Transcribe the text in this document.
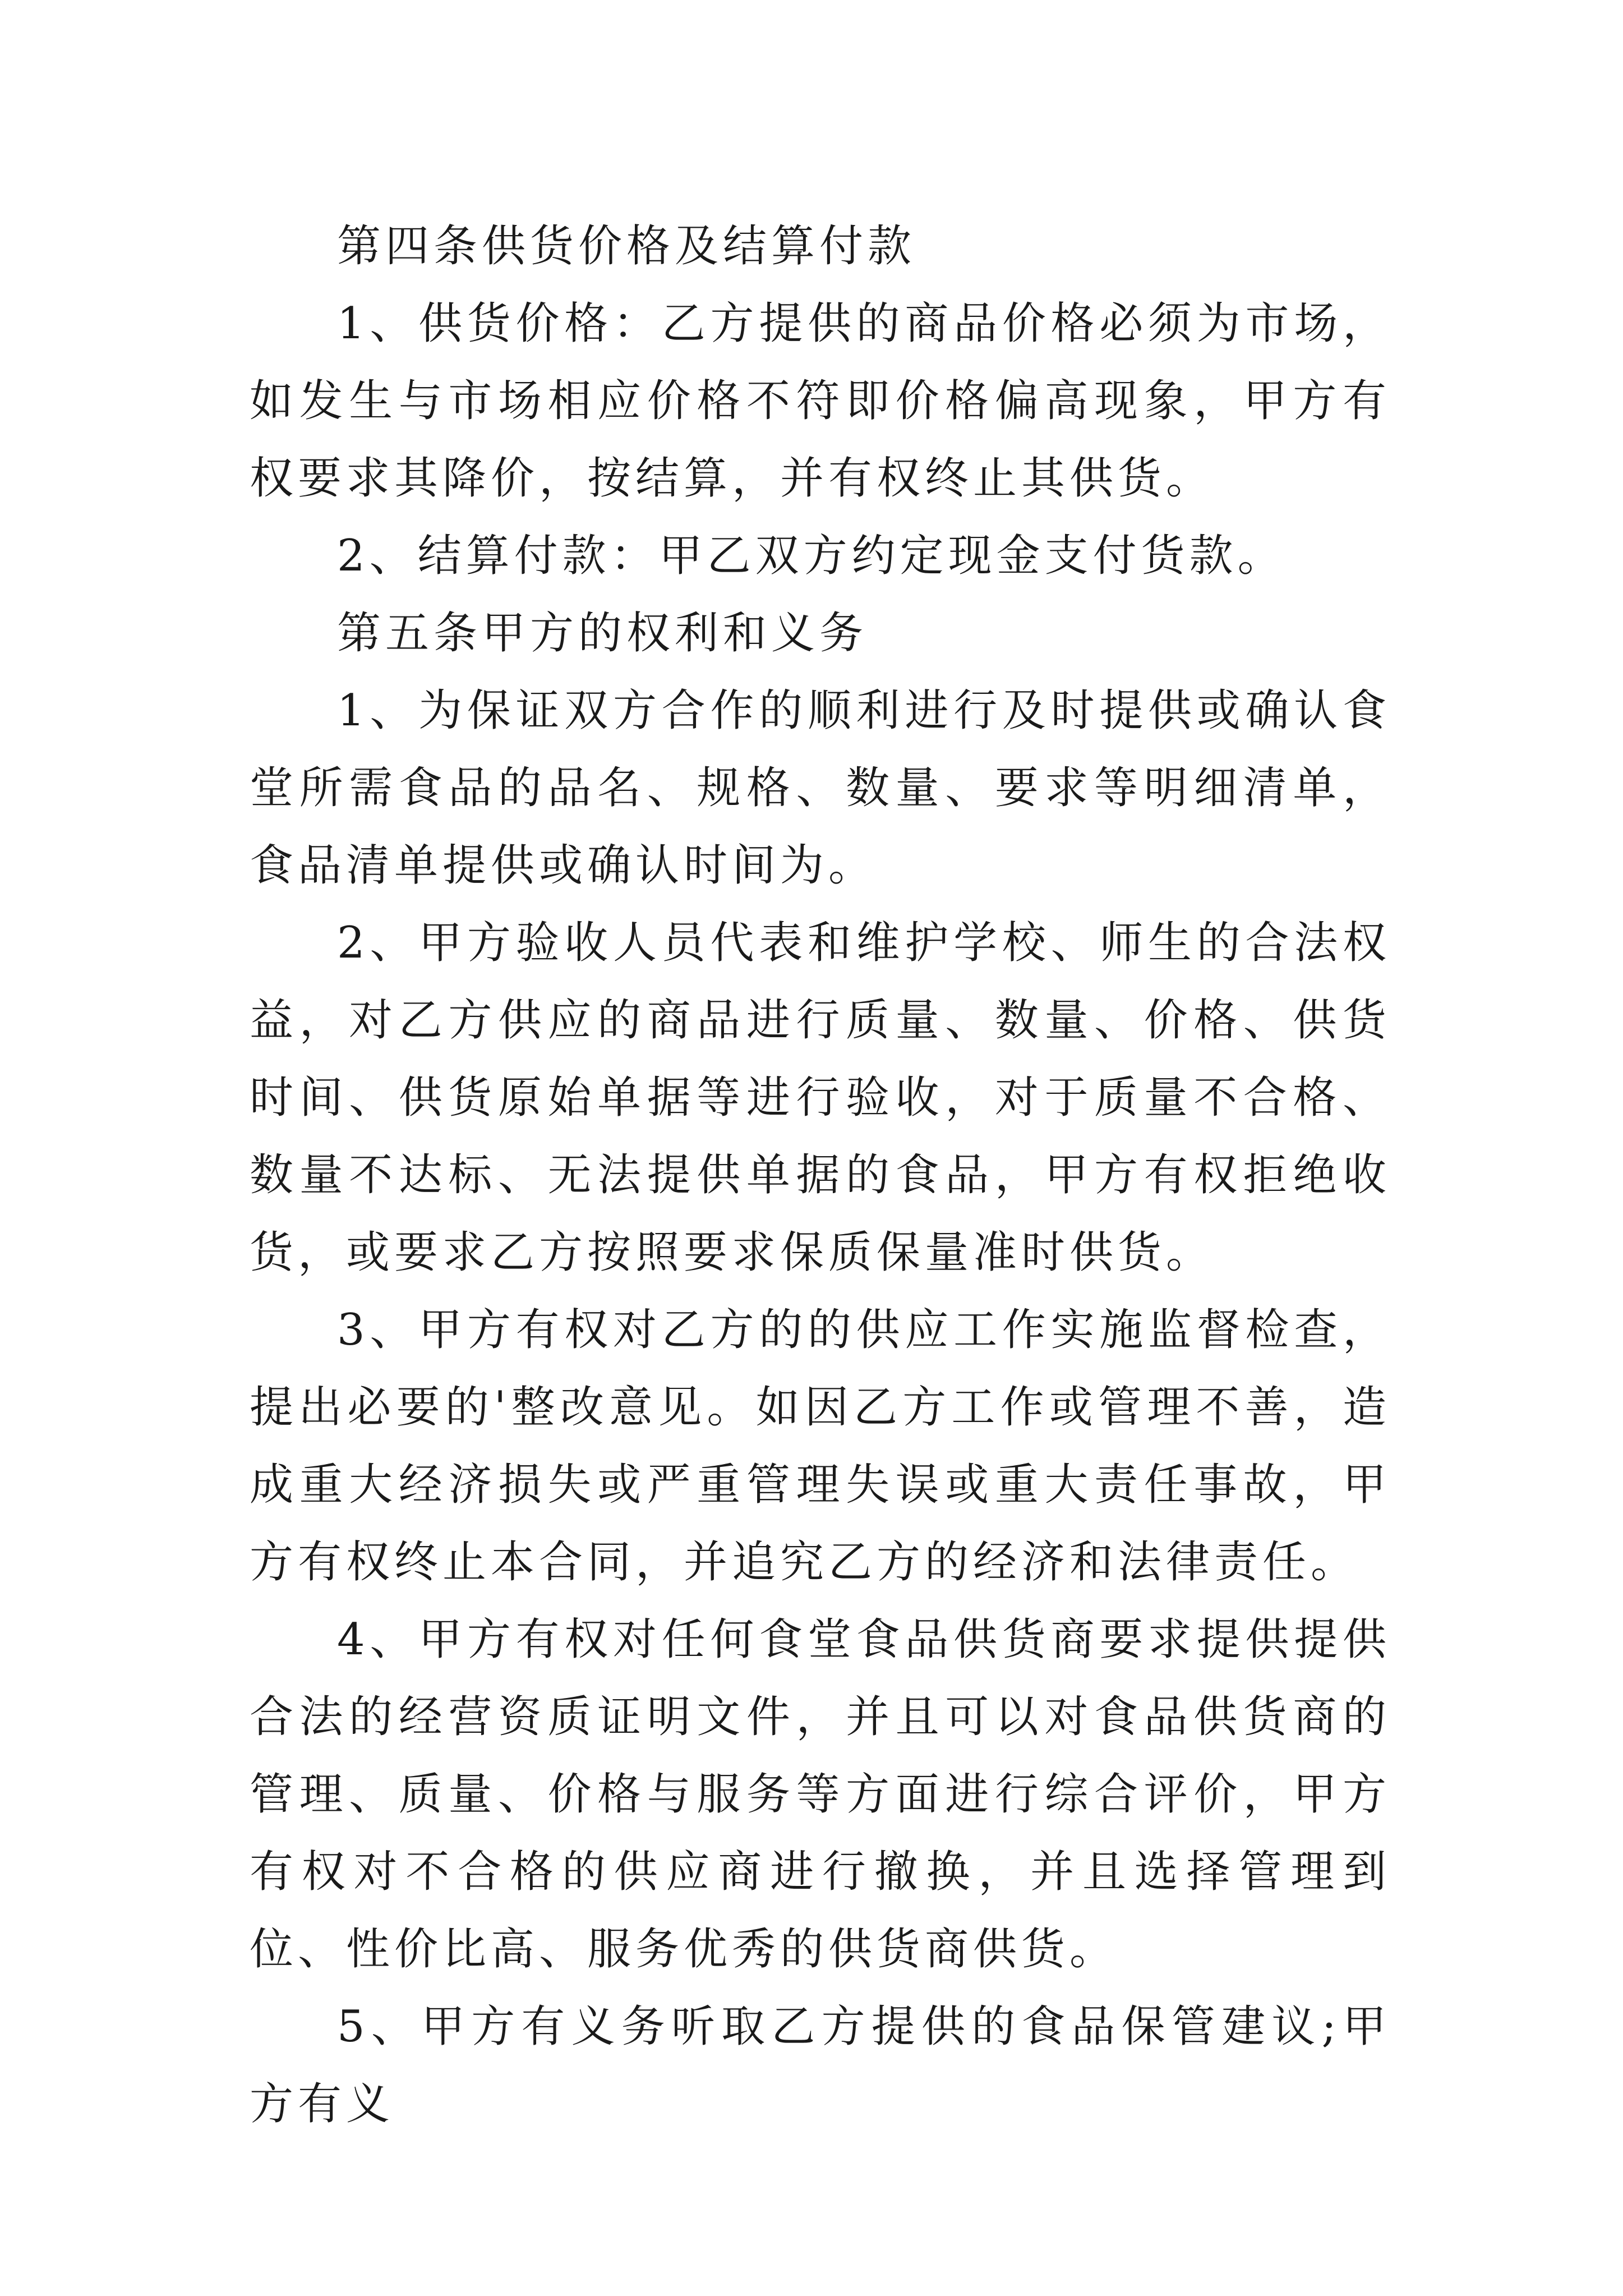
第四条供货价格及结算付款

1、供货价格：乙方提供的商品价格必须为市场，如发生与市场相应价格不符即价格偏高现象，甲方有权要求其降价，按结算，并有权终止其供货。

2、结算付款：甲乙双方约定现金支付货款。

第五条甲方的权利和义务

1、为保证双方合作的顺利进行及时提供或确认食堂所需食品的品名、规格、数量、要求等明细清单，食品清单提供或确认时间为。

2、甲方验收人员代表和维护学校、师生的合法权益，对乙方供应的商品进行质量、数量、价格、供货时间、供货原始单据等进行验收，对于质量不合格、数量不达标、无法提供单据的食品，甲方有权拒绝收货，或要求乙方按照要求保质保量准时供货。

3、甲方有权对乙方的的供应工作实施监督检查，提出必要的'整改意见。如因乙方工作或管理不善，造成重大经济损失或严重管理失误或重大责任事故，甲方有权终止本合同，并追究乙方的经济和法律责任。

4、甲方有权对任何食堂食品供货商要求提供提供合法的经营资质证明文件，并且可以对食品供货商的管理、质量、价格与服务等方面进行综合评价，甲方有权对不合格的供应商进行撤换，并且选择管理到位、性价比高、服务优秀的供货商供货。

5、甲方有义务听取乙方提供的食品保管建议;甲方有义
